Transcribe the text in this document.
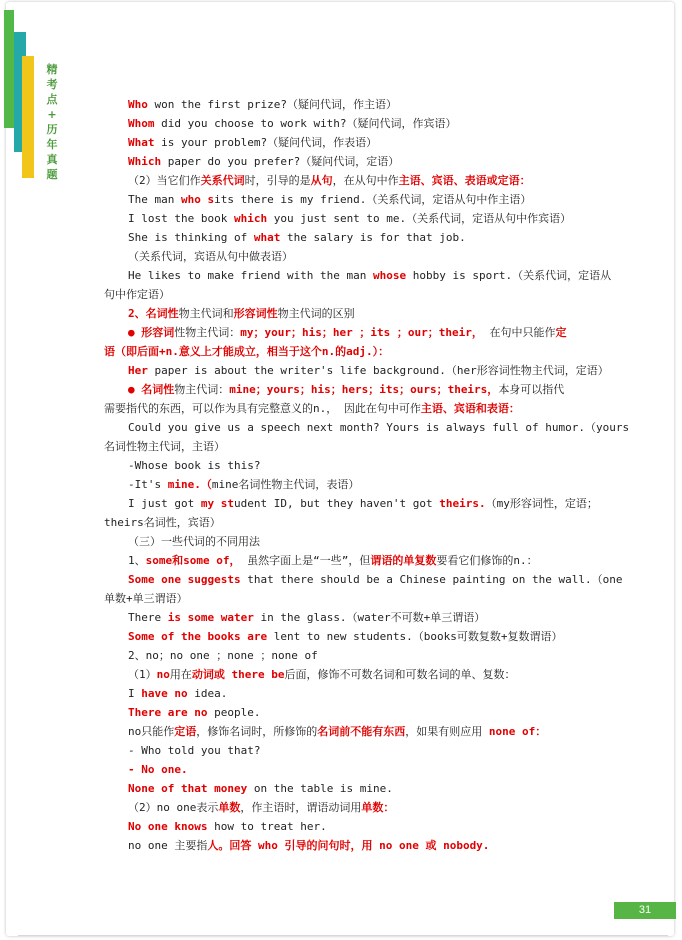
精
考
点
+
历
年
真
题
Who won the first prize?（疑问代词，作主语）
Whom did you choose to work with?（疑问代词，作宾语）
What is your problem?（疑问代词，作表语）
Which paper do you prefer?（疑问代词，定语）
（2）当它们作关系代词时，引导的是从句，在从句中作主语、宾语、表语或定语：
The man who sits there is my friend.（关系代词，定语从句中作主语）
I lost the book which you just sent to me.（关系代词，定语从句中作宾语）
She is thinking of what the salary is for that job.
（关系代词，宾语从句中做表语）
He likes to make friend with the man whose hobby is sport.（关系代词，定语从
句中作定语）
2、名词性物主代词和形容词性物主代词的区别
● 形容词性物主代词：my；your；his；her ；its ；our；their， 在句中只能作定
语（即后面+n.意义上才能成立，相当于这个n.的adj.）：
Her paper is about the writer's life background.（her形容词性物主代词，定语）
● 名词性物主代词：mine；yours；his；hers；its；ours；theirs，本身可以指代
需要指代的东西，可以作为具有完整意义的n.， 因此在句中可作主语、宾语和表语：
Could you give us a speech next month? Yours is always full of humor.（yours
名词性物主代词，主语）
-Whose book is this?
-It's mine.（mine名词性物主代词，表语）
I just got my student ID, but they haven't got theirs.（my形容词性，定语；
theirs名词性，宾语）
（三）一些代词的不同用法
1、some和some of， 虽然字面上是“一些”，但谓语的单复数要看它们修饰的n.：
Some one suggests that there should be a Chinese painting on the wall.（one
单数+单三谓语）
There is some water in the glass.（water不可数+单三谓语）
Some of the books are lent to new students.（books可数复数+复数谓语）
2、no；no one ；none ；none of
（1）no用在动词或 there be后面，修饰不可数名词和可数名词的单、复数：
I have no idea.
There are no people.
no只能作定语，修饰名词时，所修饰的名词前不能有东西，如果有则应用 none of：
- Who told you that?
- No one.
None of that money on the table is mine.
（2）no one表示单数，作主语时，谓语动词用单数：
No one knows how to treat her.
no one 主要指人。回答 who 引导的问句时，用 no one 或 nobody.
31
